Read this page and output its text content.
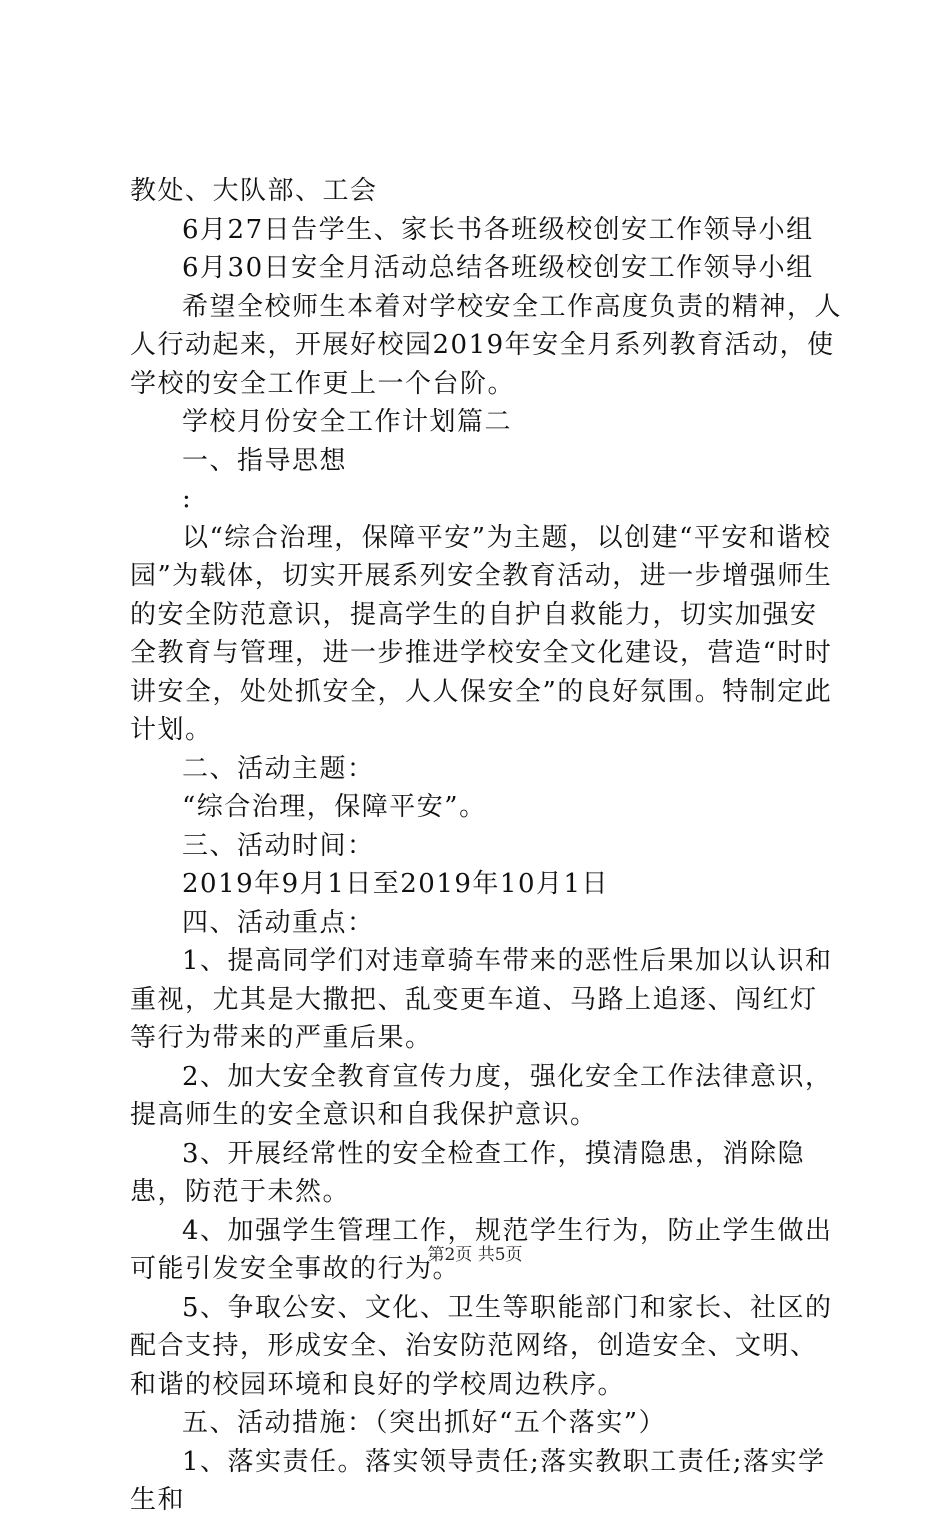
教处、大队部、工会

6月27日告学生、家长书各班级校创安工作领导小组

6月30日安全月活动总结各班级校创安工作领导小组

希望全校师生本着对学校安全工作高度负责的精神，人人行动起来，开展好校园2019年安全月系列教育活动，使学校的安全工作更上一个台阶。

学校月份安全工作计划篇二

一、指导思想

:

以“综合治理，保障平安”为主题，以创建“平安和谐校园”为载体，切实开展系列安全教育活动，进一步增强师生的安全防范意识，提高学生的自护自救能力，切实加强安全教育与管理，进一步推进学校安全文化建设，营造“时时讲安全，处处抓安全，人人保安全”的良好氛围。特制定此计划。

二、活动主题：

“综合治理，保障平安”。

三、活动时间：

2019年9月1日至2019年10月1日

四、活动重点：

1、提高同学们对违章骑车带来的恶性后果加以认识和重视，尤其是大撒把、乱变更车道、马路上追逐、闯红灯等行为带来的严重后果。

2、加大安全教育宣传力度，强化安全工作法律意识，提高师生的安全意识和自我保护意识。

3、开展经常性的安全检查工作，摸清隐患，消除隐患，防范于未然。

4、加强学生管理工作，规范学生行为，防止学生做出可能引发安全事故的行为。

5、争取公安、文化、卫生等职能部门和家长、社区的配合支持，形成安全、治安防范网络，创造安全、文明、和谐的校园环境和良好的学校周边秩序。

五、活动措施：（突出抓好“五个落实”）

1、落实责任。落实领导责任;落实教职工责任;落实学生和

第2页 共5页
